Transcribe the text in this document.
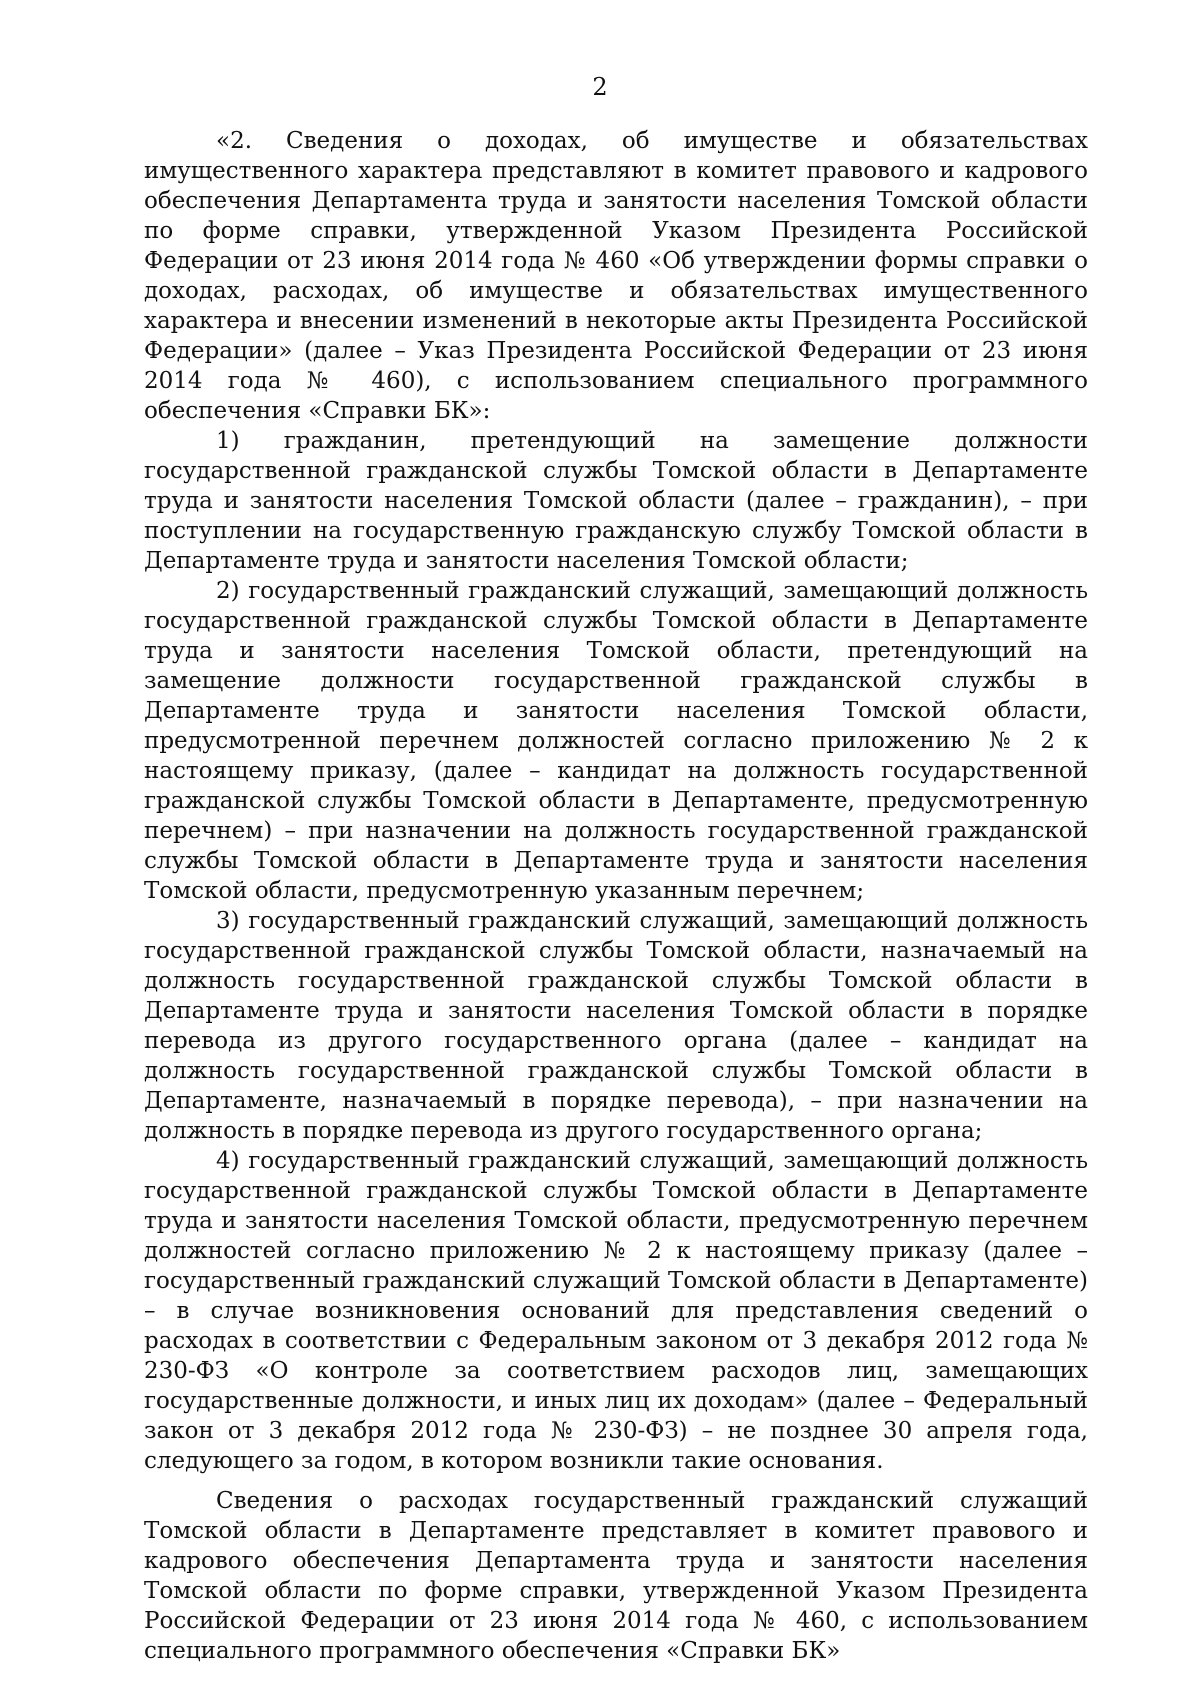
2

«2. Сведения о доходах, об имуществе и обязательствах имущественного характера представляют в комитет правового и кадрового обеспечения Департамента труда и занятости населения Томской области по форме справки, утвержденной Указом Президента Российской Федерации от 23 июня 2014 года № 460 «Об утверждении формы справки о доходах, расходах, об имуществе и обязательствах имущественного характера и внесении изменений в некоторые акты Президента Российской Федерации» (далее – Указ Президента Российской Федерации от 23 июня 2014 года № 460), с использованием специального программного обеспечения «Справки БК»:

1) гражданин, претендующий на замещение должности государственной гражданской службы Томской области в Департаменте труда и занятости населения Томской области (далее – гражданин), – при поступлении на государственную гражданскую службу Томской области в Департаменте труда и занятости населения Томской области;

2) государственный гражданский служащий, замещающий должность государственной гражданской службы Томской области в Департаменте труда и занятости населения Томской области, претендующий на замещение должности государственной гражданской службы в Департаменте труда и занятости населения Томской области, предусмотренной перечнем должностей согласно приложению № 2 к настоящему приказу, (далее – кандидат на должность государственной гражданской службы Томской области в Департаменте, предусмотренную перечнем) – при назначении на должность государственной гражданской службы Томской области в Департаменте труда и занятости населения Томской области, предусмотренную указанным перечнем;

3) государственный гражданский служащий, замещающий должность государственной гражданской службы Томской области, назначаемый на должность государственной гражданской службы Томской области в Департаменте труда и занятости населения Томской области в порядке перевода из другого государственного органа (далее – кандидат на должность государственной гражданской службы Томской области в Департаменте, назначаемый в порядке перевода), – при назначении на должность в порядке перевода из другого государственного органа;

4) государственный гражданский служащий, замещающий должность государственной гражданской службы Томской области в Департаменте труда и занятости населения Томской области, предусмотренную перечнем должностей согласно приложению № 2 к настоящему приказу (далее –государственный гражданский служащий Томской области в Департаменте) – в случае возникновения оснований для представления сведений о расходах в соответствии с Федеральным законом от 3 декабря 2012 года № 230-ФЗ «О контроле за соответствием расходов лиц, замещающих государственные должности, и иных лиц их доходам» (далее – Федеральный закон от 3 декабря 2012 года № 230-ФЗ) – не позднее 30 апреля года, следующего за годом, в котором возникли такие основания.

Сведения о расходах государственный гражданский служащий Томской области в Департаменте представляет в комитет правового и кадрового обеспечения Департамента труда и занятости населения Томской области по форме справки, утвержденной Указом Президента Российской Федерации от 23 июня 2014 года № 460, с использованием специального программного обеспечения «Справки БК»
